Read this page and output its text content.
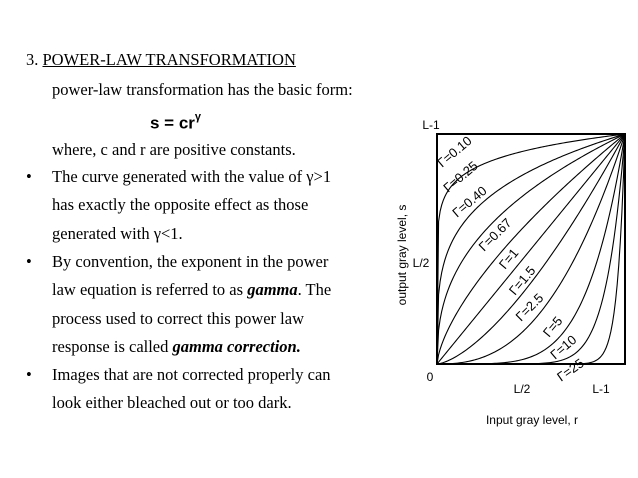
3. POWER-LAW TRANSFORMATION
power-law transformation has the basic form:
$s = cr^\gamma$
where, c and r are positive constants.
• The curve generated with the value of γ>1
has exactly the opposite effect as those
generated with γ<1.
• By convention, the exponent in the power
law equation is referred to as gamma. The
process used to correct this power law
response is called gamma correction.
• Images that are not corrected properly can
look either bleached out or too dark.
Γ=0.10
Γ=0.25
Γ=0.40
Γ=0.67
Γ=1
Γ=1.5
Γ=2.5
Γ=5
Γ=10
Γ=25
L-1
L/2
0
L/2	L-1
Input gray level, r
output gray level, s
